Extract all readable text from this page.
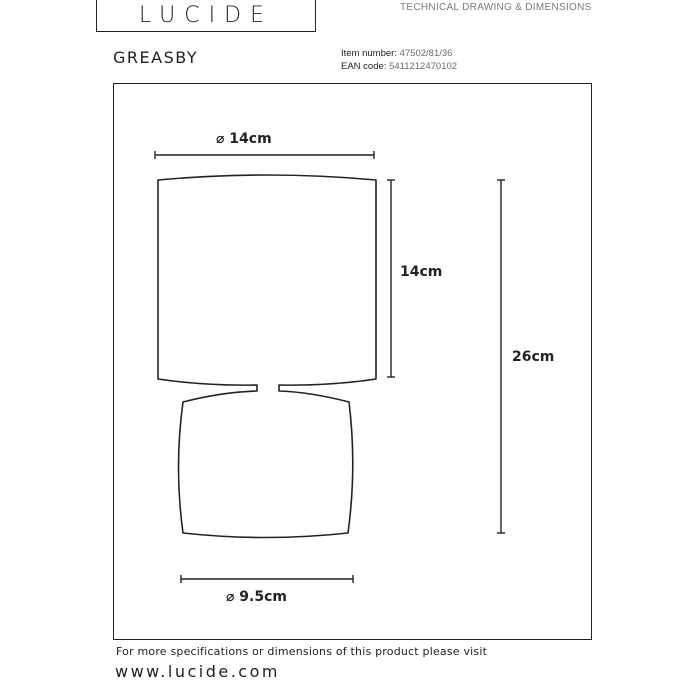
LUCIDE	TECHNICAL DRAWING & DIMENSIONS
GREASBY	Item number: 47502/81/36
EAN code: 5411212470102
⌀ 14cm
14cm
26cm
⌀ 9.5cm
For more specifications or dimensions of this product please visit
www.lucide.com
